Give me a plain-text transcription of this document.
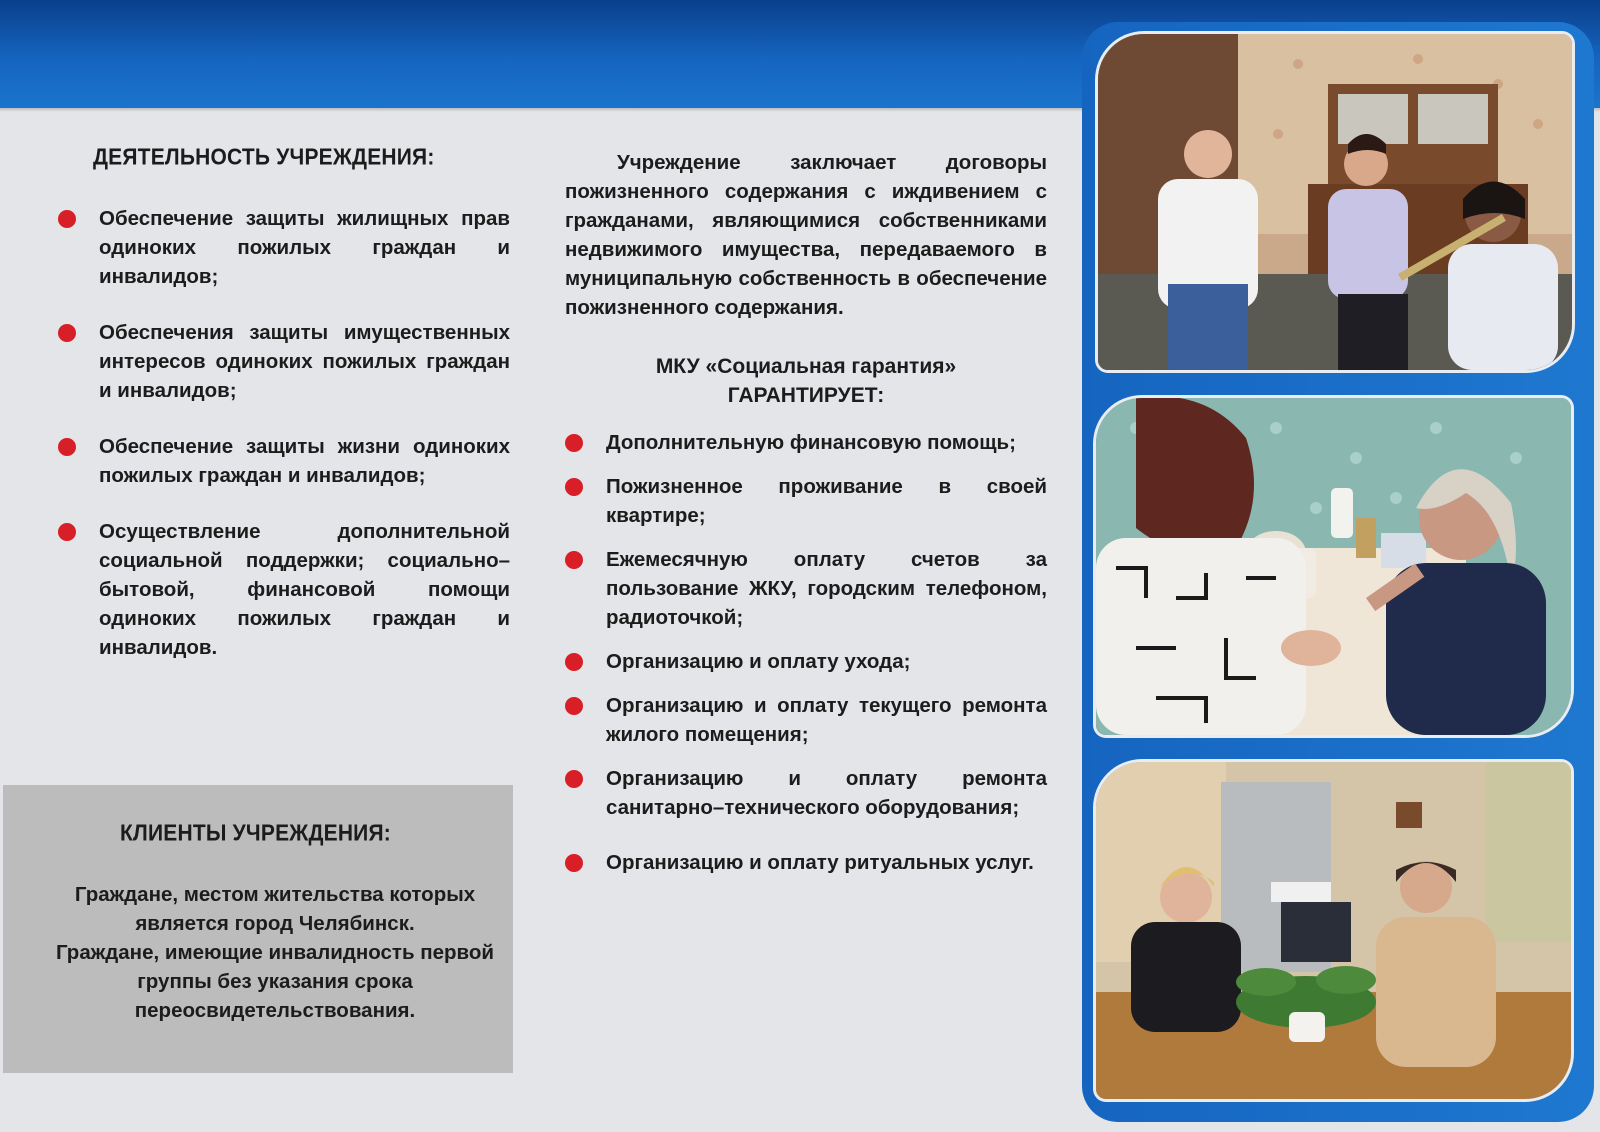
ДЕЯТЕЛЬНОСТЬ УЧРЕЖДЕНИЯ:
Обеспечение защиты жилищных прав одиноких пожилых граждан и инвалидов;
Обеспечения защиты имущественных интересов одиноких пожилых граждан и инвалидов;
Обеспечение защиты жизни одиноких пожилых граждан и инвалидов;
Осуществление дополнительной социальной поддержки; социально–бытовой, финансовой помощи одиноких пожилых граждан и инвалидов.
КЛИЕНТЫ УЧРЕЖДЕНИЯ:

Граждане, местом жительства которых является город Челябинск.

Граждане, имеющие инвалидность первой группы без указания срока переосвидетельствования.

Учреждение заключает договоры пожизненного содержания с иждивением с гражданами, являющимися собственниками недвижимого имущества, передаваемого в муниципальную собственность в обеспечение пожизненного содержания.
МКУ «Социальная гарантия»
ГАРАНТИРУЕТ:
Дополнительную финансовую помощь;
Пожизненное проживание в своей квартире;
Ежемесячную оплату счетов за пользование ЖКУ, городским телефоном, радиоточкой;
Организацию и оплату ухода;
Организацию и оплату текущего ремонта жилого помещения;
Организацию и оплату ремонта санитарно–технического оборудования;
Организацию и оплату ритуальных услуг.
